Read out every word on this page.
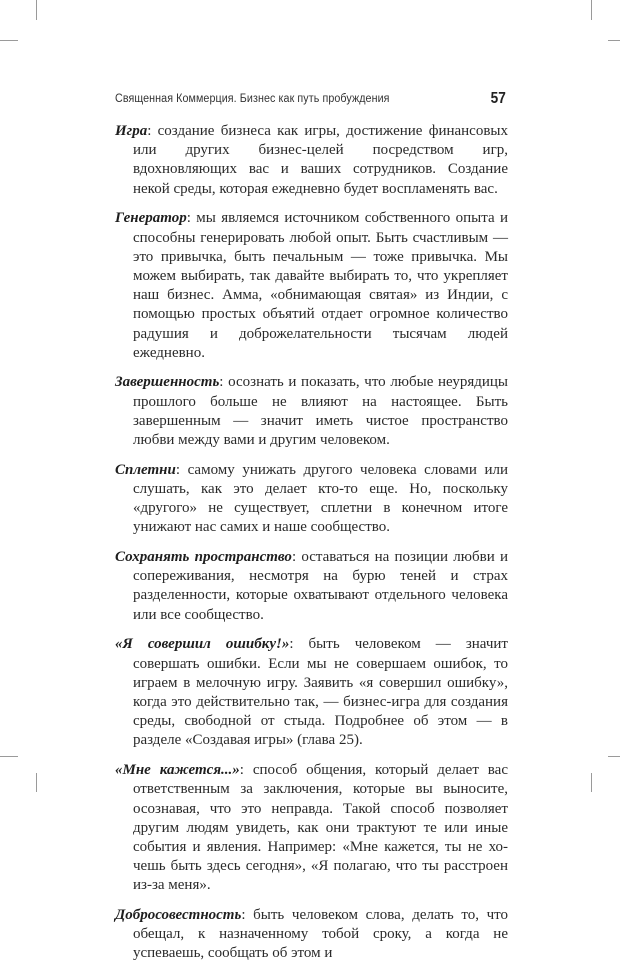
Священная Коммерция. Бизнес как путь пробуждения	57

Игра: создание бизнеса как игры, достижение финансовых или других бизнес-целей посредством игр, вдохновляющих вас и ваших сотрудников. Создание некой среды, которая ежедневно будет воспламенять вас.

Генератор: мы являемся источником собственного опыта и способны генерировать любой опыт. Быть счастливым — это привычка, быть печальным — тоже привычка. Мы можем выбирать, так давайте выбирать то, что укрепляет наш бизнес. Амма, «обнимающая святая» из Индии, с помощью простых объятий отдает огромное количество радушия и доброжелательности тысячам людей ежедневно.

Завершенность: осознать и показать, что любые неурядицы прошлого больше не влияют на настоящее. Быть завершенным — значит иметь чистое пространство любви между вами и другим человеком.

Сплетни: самому унижать другого человека словами или слушать, как это делает кто-то еще. Но, поскольку «другого» не существует, сплетни в конечном итоге унижают нас самих и наше сообщество.

Сохранять пространство: оставаться на позиции любви и сопереживания, несмотря на бурю теней и страх разделенности, которые охватывают отдельного человека или все сообщество.

«Я совершил ошибку!»: быть человеком — значит совершать ошибки. Если мы не совершаем ошибок, то играем в мелочную игру. Заявить «я совершил ошибку», когда это действительно так, — бизнес-игра для создания среды, свободной от стыда. Подробнее об этом — в разделе «Создавая игры» (глава 25).

«Мне кажется...»: способ общения, который делает вас ответственным за заключения, которые вы выносите, осознавая, что это неправда. Такой способ позволяет другим людям увидеть, как они трактуют те или иные события и явления. Например: «Мне кажется, ты не хочешь быть здесь сегодня», «Я полагаю, что ты расстроен из-за меня».

Добросовестность: быть человеком слова, делать то, что обещал, к назначенному тобой сроку, а когда не успеваешь, сообщать об этом и
